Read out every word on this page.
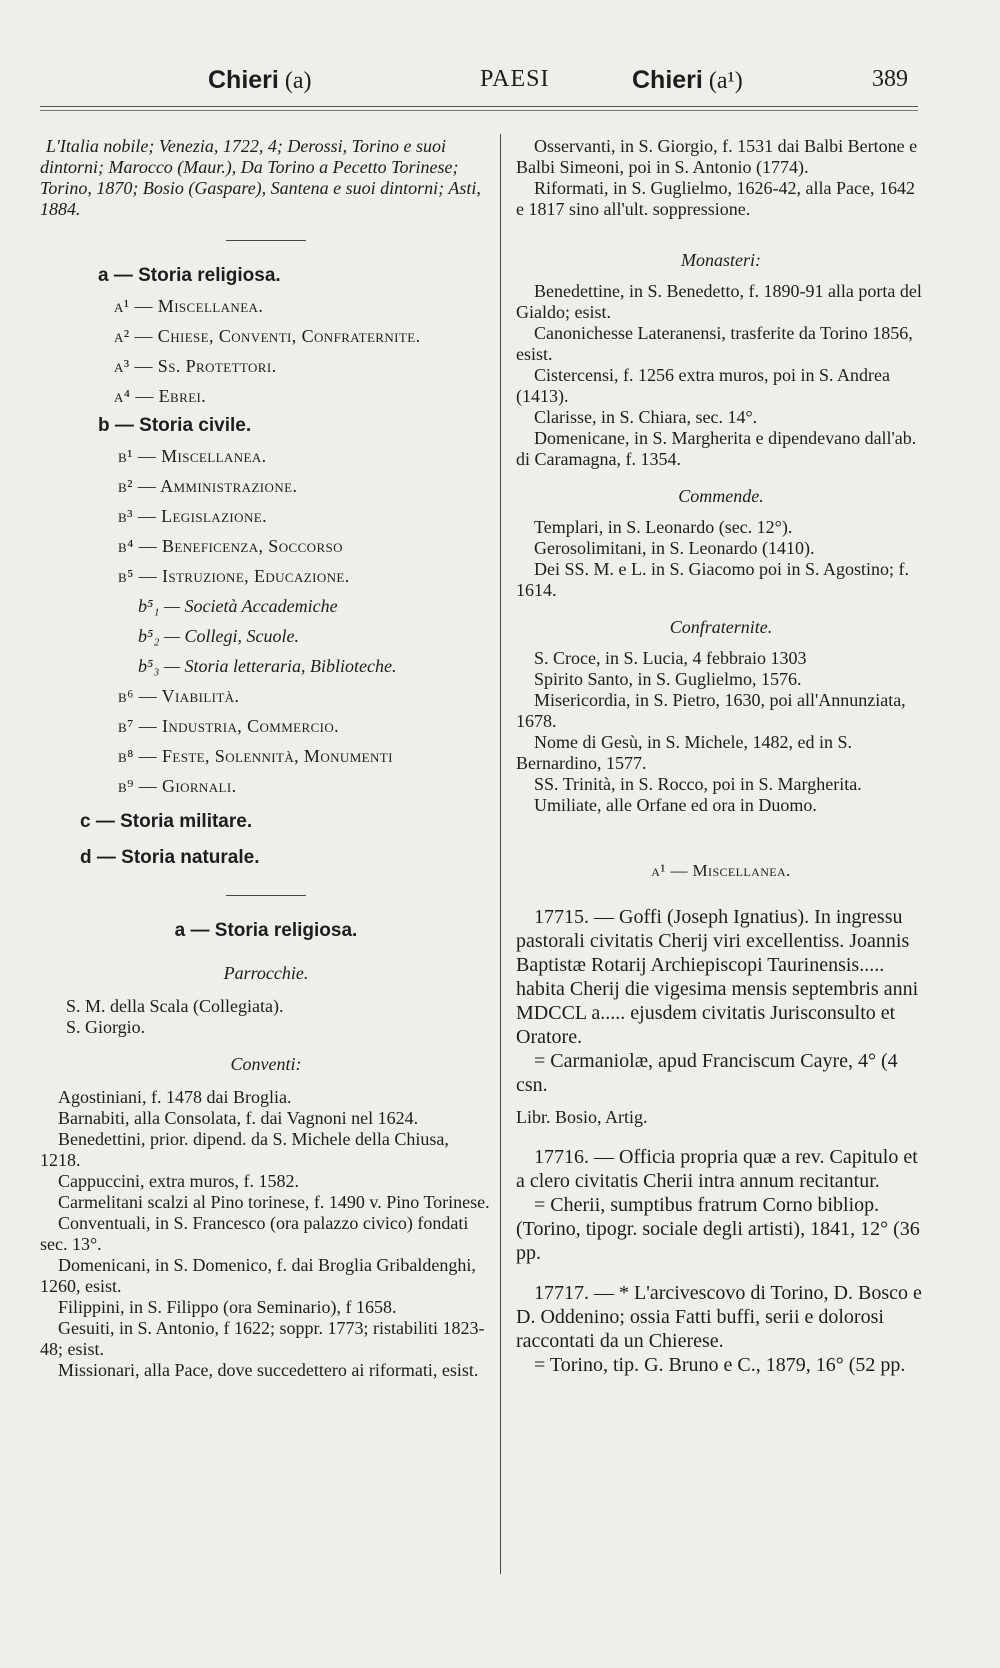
Chieri (a)	PAESI	Chieri (a¹)	389

L'Italia nobile; Venezia, 1722, 4; Derossi, Torino e suoi dintorni; Marocco (Maur.), Da Torino a Pecetto Torinese; Torino, 1870; Bosio (Gaspare), Santena e suoi dintorni; Asti, 1884.

a — Storia religiosa.

a¹ — Miscellanea.

a² — Chiese, Conventi, Confraternite.

a³ — Ss. Protettori.

a⁴ — Ebrei.

b — Storia civile.

b¹ — Miscellanea.

b² — Amministrazione.

b³ — Legislazione.

b⁴ — Beneficenza, Soccorso

b⁵ — Istruzione, Educazione.

b⁵₁ — Società Accademiche

b⁵₂ — Collegi, Scuole.

b⁵₃ — Storia letteraria, Biblioteche.

b⁶ — Viabilità.

b⁷ — Industria, Commercio.

b⁸ — Feste, Solennità, Monumenti

b⁹ — Giornali.

c — Storia militare.

d — Storia naturale.

a — Storia religiosa.

Parrocchie.

S. M. della Scala (Collegiata).

S. Giorgio.

Conventi:

Agostiniani, f. 1478 dai Broglia.

Barnabiti, alla Consolata, f. dai Vagnoni nel 1624.

Benedettini, prior. dipend. da S. Michele della Chiusa, 1218.

Cappuccini, extra muros, f. 1582.

Carmelitani scalzi al Pino torinese, f. 1490 v. Pino Torinese.

Conventuali, in S. Francesco (ora palazzo civico) fondati sec. 13°.

Domenicani, in S. Domenico, f. dai Broglia Gribaldenghi, 1260, esist.

Filippini, in S. Filippo (ora Seminario), f 1658.

Gesuiti, in S. Antonio, f 1622; soppr. 1773; ristabiliti 1823-48; esist.

Missionari, alla Pace, dove succedettero ai riformati, esist.

Osservanti, in S. Giorgio, f. 1531 dai Balbi Bertone e Balbi Simeoni, poi in S. Antonio (1774).

Riformati, in S. Guglielmo, 1626-42, alla Pace, 1642 e 1817 sino all'ult. soppressione.

Monasteri:

Benedettine, in S. Benedetto, f. 1890-91 alla porta del Gialdo; esist.

Canonichesse Lateranensi, trasferite da Torino 1856, esist.

Cistercensi, f. 1256 extra muros, poi in S. Andrea (1413).

Clarisse, in S. Chiara, sec. 14°.

Domenicane, in S. Margherita e dipendevano dall'ab. di Caramagna, f. 1354.

Commende.

Templari, in S. Leonardo (sec. 12°).

Gerosolimitani, in S. Leonardo (1410).

Dei SS. M. e L. in S. Giacomo poi in S. Agostino; f. 1614.

Confraternite.

S. Croce, in S. Lucia, 4 febbraio 1303

Spirito Santo, in S. Guglielmo, 1576.

Misericordia, in S. Pietro, 1630, poi all'Annunziata, 1678.

Nome di Gesù, in S. Michele, 1482, ed in S. Bernardino, 1577.

SS. Trinità, in S. Rocco, poi in S. Margherita.

Umiliate, alle Orfane ed ora in Duomo.

a¹ — Miscellanea.

17715. — Goffi (Joseph Ignatius). In ingressu pastorali civitatis Cherij viri excellentiss. Joannis Baptistæ Rotarij Archiepiscopi Taurinensis..... habita Cherij die vigesima mensis septembris anni MDCCL a..... ejusdem civitatis Jurisconsulto et Oratore.

= Carmaniolæ, apud Franciscum Cayre, 4° (4 csn.

Libr. Bosio, Artig.

17716. — Officia propria quæ a rev. Capitulo et a clero civitatis Cherii intra annum recitantur.

= Cherii, sumptibus fratrum Corno bibliop. (Torino, tipogr. sociale degli artisti), 1841, 12° (36 pp.

17717. — * L'arcivescovo di Torino, D. Bosco e D. Oddenino; ossia Fatti buffi, serii e dolorosi raccontati da un Chierese.

= Torino, tip. G. Bruno e C., 1879, 16° (52 pp.
